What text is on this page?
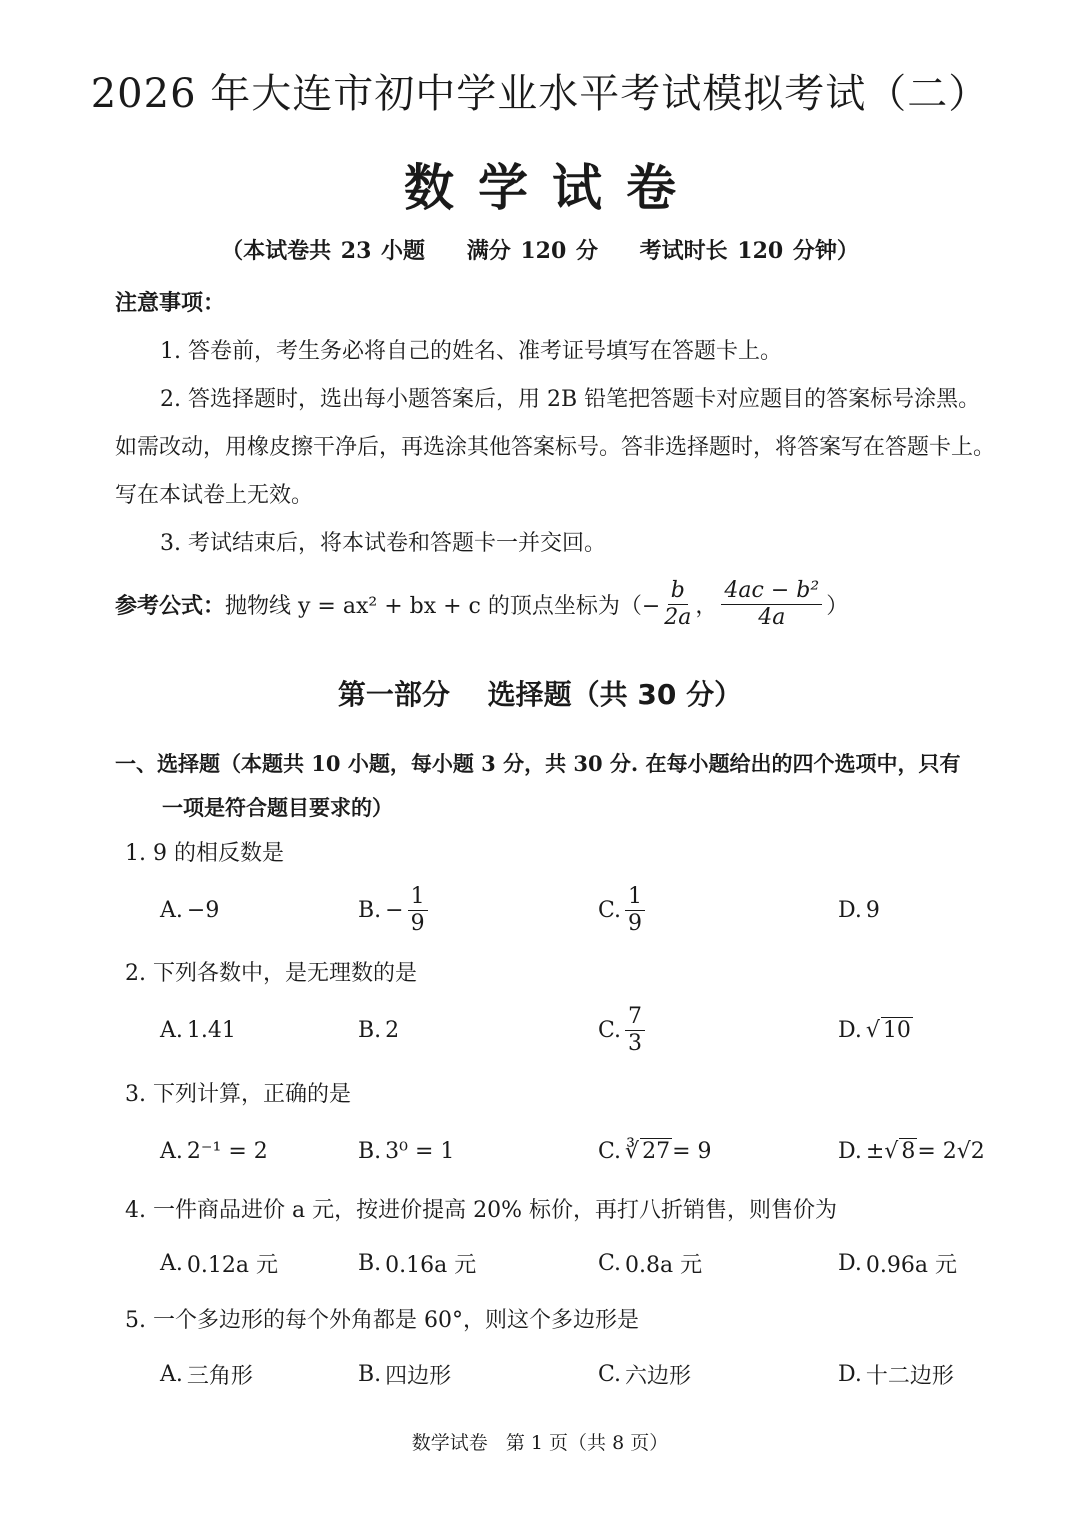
2026 年大连市初中学业水平考试模拟考试（二）
数学试卷
（本试卷共 23 小题 满分 120 分 考试时长 120 分钟）
注意事项：
1. 答卷前，考生务必将自己的姓名、准考证号填写在答题卡上。
2. 答选择题时，选出每小题答案后，用 2B 铅笔把答题卡对应题目的答案标号涂黑。
如需改动，用橡皮擦干净后，再选涂其他答案标号。答非选择题时，将答案写在答题卡上。
写在本试卷上无效。
3. 考试结束后，将本试卷和答题卡一并交回。
参考公式： 抛物线 y = ax² + bx + c 的顶点坐标为（− $\frac{b}{2a}$ ， $\frac{\text{4ac − b²}}{4a}$ ）
第一部分 选择题（共 30 分）
一、选择题（本题共 10 小题，每小题 3 分，共 30 分. 在每小题给出的四个选项中，只有
一项是符合题目要求的）
1. 9 的相反数是
A. −9	B. − $\frac{1}{9}$	C. $\frac{1}{9}$	D. 9
2. 下列各数中，是无理数的是
A. 1.41	B. 2	C. $\frac{7}{3}$	D. √ 10
3. 下列计算，正确的是
A. 2⁻¹ = 2	B. 3⁰ = 1	C. ∛ 27 = 9	D. ±√ 8 = 2√2
4. 一件商品进价 a 元，按进价提高 20% 标价，再打八折销售，则售价为
A. 0.12a 元	B. 0.16a 元	C. 0.8a 元	D. 0.96a 元
5. 一个多边形的每个外角都是 60°，则这个多边形是
A. 三角形	B. 四边形	C. 六边形	D. 十二边形
数学试卷 第 1 页（共 8 页）
